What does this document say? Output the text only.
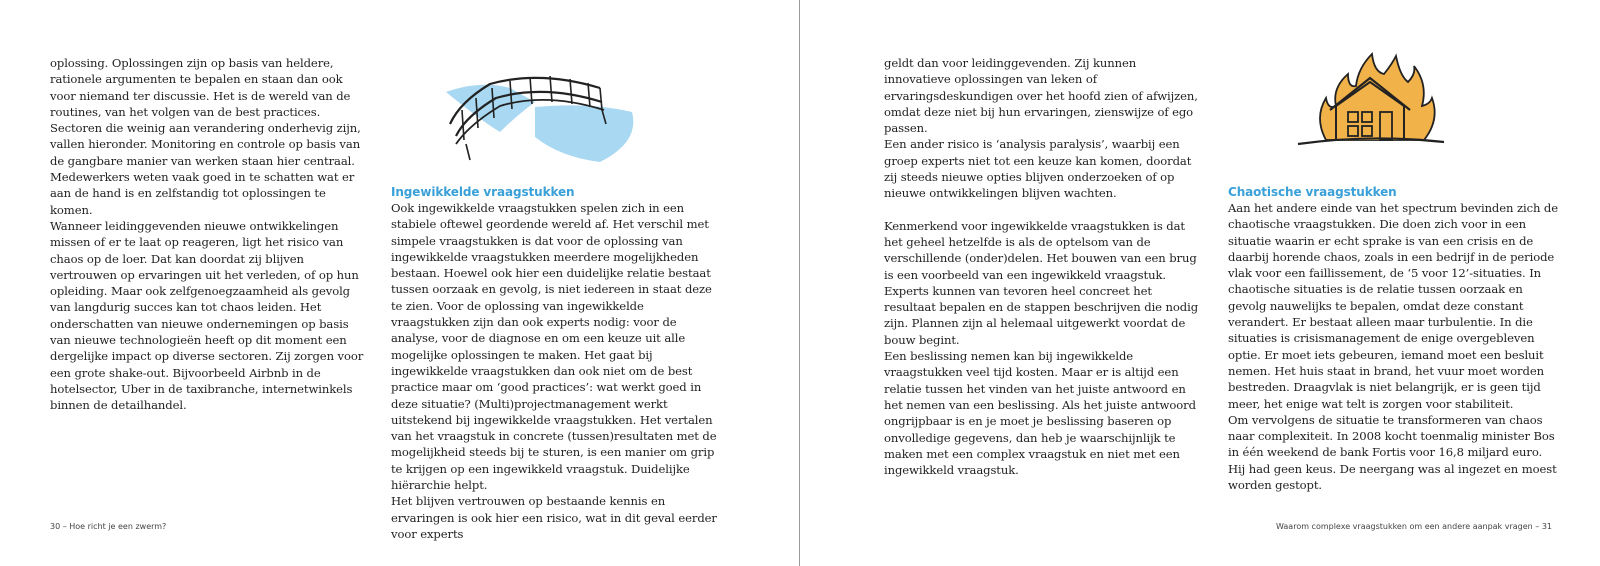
oplossing. Oplossingen zijn op basis van heldere, rationele argumenten te bepalen en staan dan ook voor niemand ter discussie. Het is de wereld van de routines, van het volgen van de best practices. Sectoren die weinig aan verandering onderhevig zijn, vallen hieronder. Monitoring en controle op basis van de gangbare manier van werken staan hier centraal. Medewerkers weten vaak goed in te schatten wat er aan de hand is en zelfstandig tot oplossingen te komen.

Wanneer leidinggevenden nieuwe ontwikkelingen missen of er te laat op reageren, ligt het risico van chaos op de loer. Dat kan doordat zij blijven vertrouwen op ervaringen uit het verleden, of op hun opleiding. Maar ook zelfgenoegzaamheid als gevolg van langdurig succes kan tot chaos leiden. Het onderschatten van nieuwe ondernemingen op basis van nieuwe technologieën heeft op dit moment een dergelijke impact op diverse sectoren. Zij zorgen voor een grote shake-out. Bijvoorbeeld Airbnb in de hotelsector, Uber in de taxibranche, internetwinkels binnen de detailhandel.

Ingewikkelde vraagstukken

Ook ingewikkelde vraagstukken spelen zich in een stabiele oftewel geordende wereld af. Het verschil met simpele vraagstukken is dat voor de oplossing van ingewikkelde vraagstukken meerdere mogelijkheden bestaan. Hoewel ook hier een duidelijke relatie bestaat tussen oorzaak en gevolg, is niet iedereen in staat deze te zien. Voor de oplossing van ingewikkelde vraagstukken zijn dan ook experts nodig: voor de analyse, voor de diagnose en om een keuze uit alle mogelijke oplossingen te maken. Het gaat bij ingewikkelde vraagstukken dan ook niet om de best practice maar om ‘good practices’: wat werkt goed in deze situatie? (Multi)projectmanagement werkt uitstekend bij ingewikkelde vraagstukken. Het vertalen van het vraagstuk in concrete (tussen)resultaten met de mogelijkheid steeds bij te sturen, is een manier om grip te krijgen op een ingewikkeld vraagstuk. Duidelijke hiërarchie helpt.

Het blijven vertrouwen op bestaande kennis en ervaringen is ook hier een risico, wat in dit geval eerder voor experts

30 – Hoe richt je een zwerm?

geldt dan voor leidinggevenden. Zij kunnen innovatieve oplossingen van leken of ervaringsdeskundigen over het hoofd zien of afwijzen, omdat deze niet bij hun ervaringen, zienswijze of ego passen.

Een ander risico is ‘analysis paralysis’, waarbij een groep experts niet tot een keuze kan komen, doordat zij steeds nieuwe opties blijven onderzoeken of op nieuwe ontwikkelingen blijven wachten.

Kenmerkend voor ingewikkelde vraagstukken is dat het geheel hetzelfde is als de optelsom van de verschillende (onder)delen. Het bouwen van een brug is een voorbeeld van een ingewikkeld vraagstuk. Experts kunnen van tevoren heel concreet het resultaat bepalen en de stappen beschrijven die nodig zijn. Plannen zijn al helemaal uitgewerkt voordat de bouw begint.

Een beslissing nemen kan bij ingewikkelde vraagstukken veel tijd kosten. Maar er is altijd een relatie tussen het vinden van het juiste antwoord en het nemen van een beslissing. Als het juiste antwoord ongrijpbaar is en je moet je beslissing baseren op onvolledige gegevens, dan heb je waarschijnlijk te maken met een complex vraagstuk en niet met een ingewikkeld vraagstuk.

Chaotische vraagstukken

Aan het andere einde van het spectrum bevinden zich de chaotische vraagstukken. Die doen zich voor in een situatie waarin er echt sprake is van een crisis en de daarbij horende chaos, zoals in een bedrijf in de periode vlak voor een faillissement, de ‘5 voor 12’-situaties. In chaotische situaties is de relatie tussen oorzaak en gevolg nauwelijks te bepalen, omdat deze constant verandert. Er bestaat alleen maar turbulentie. In die situaties is crisismanagement de enige overgebleven optie. Er moet iets gebeuren, iemand moet een besluit nemen. Het huis staat in brand, het vuur moet worden bestreden. Draagvlak is niet belangrijk, er is geen tijd meer, het enige wat telt is zorgen voor stabiliteit.

Om vervolgens de situatie te transformeren van chaos naar complexiteit. In 2008 kocht toenmalig minister Bos in één weekend de bank Fortis voor 16,8 miljard euro. Hij had geen keus. De neergang was al ingezet en moest worden gestopt.

Waarom complexe vraagstukken om een andere aanpak vragen – 31
